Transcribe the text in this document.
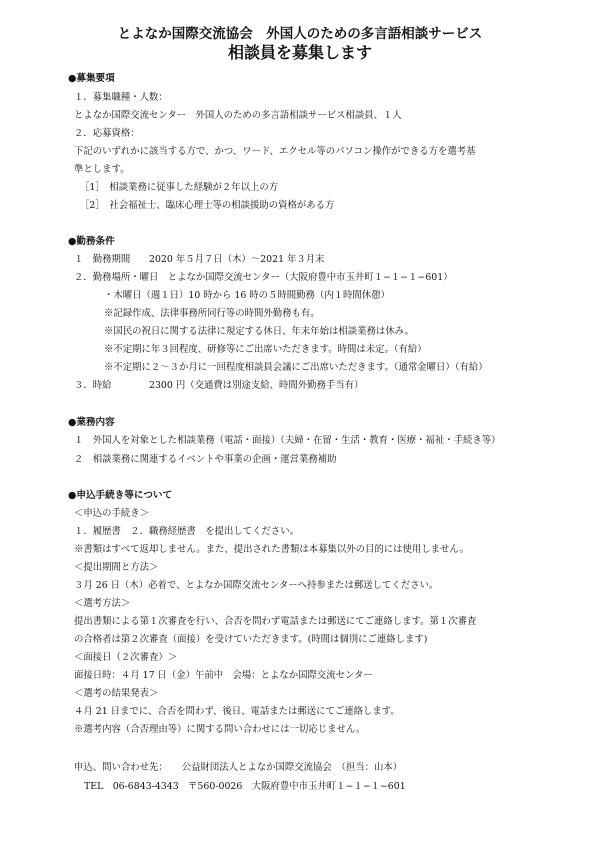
とよなか国際交流協会　外国人のための多言語相談サービス
相談員を募集します
●募集要項
１．募集職種・人数：
とよなか国際交流センター　外国人のための多言語相談サービス相談員、１人
２．応募資格：
下記のいずれかに該当する方で、かつ、ワード、エクセル等のパソコン操作ができる方を選考基
準とします。
［1］　相談業務に従事した経験が２年以上の方
［2］　社会福祉士、臨床心理士等の相談援助の資格がある方
●勤務条件
１　勤務期間　　2020 年５月７日（木）〜2021 年３月末
２．勤務場所・曜日　とよなか国際交流センター（大阪府豊中市玉井町１−１−１−601）
・木曜日（週１日）10 時から 16 時の５時間勤務（内１時間休憩）
※記録作成、法律事務所同行等の時間外勤務も有。
※国民の祝日に関する法律に規定する休日、年末年始は相談業務は休み。
※不定期に年３回程度、研修等にご出席いただきます。時間は未定。（有給）
※不定期に２〜３か月に一回程度相談員会議にご出席いただきます。（通常金曜日）（有給）
３．時給　　　　2300 円（交通費は別途支給、時間外勤務手当有）
●業務内容
１　外国人を対象とした相談業務（電話・面接）（夫婦・在留・生活・教育・医療・福祉・手続き等）
２　相談業務に関連するイベントや事業の企画・運営業務補助
●申込手続き等について
＜申込の手続き＞
１．履歴書　２．職務経歴書　を提出してください。
※書類はすべて返却しません。また、提出された書類は本募集以外の目的には使用しません。
＜提出期間と方法＞
３月 26 日（木）必着で、とよなか国際交流センターへ持参または郵送してください。
＜選考方法＞
提出書類による第１次審査を行い、合否を問わず電話または郵送にてご連絡します。第１次審査
の合格者は第２次審査（面接）を受けていただきます。(時間は個別にご連絡します)
＜面接日（２次審査）＞
面接日時：４月 17 日（金）午前中　会場：とよなか国際交流センター
＜選考の結果発表＞
４月 21 日までに、合否を問わず、後日、電話または郵送にてご連絡します。
※選考内容（合否理由等）に関する問い合わせには一切応じません。
申込、問い合わせ先：　　公益財団法人とよなか国際交流協会　（担当：山本）
TEL　06-6843-4343　〒560-0026　大阪府豊中市玉井町１−１−１−601
